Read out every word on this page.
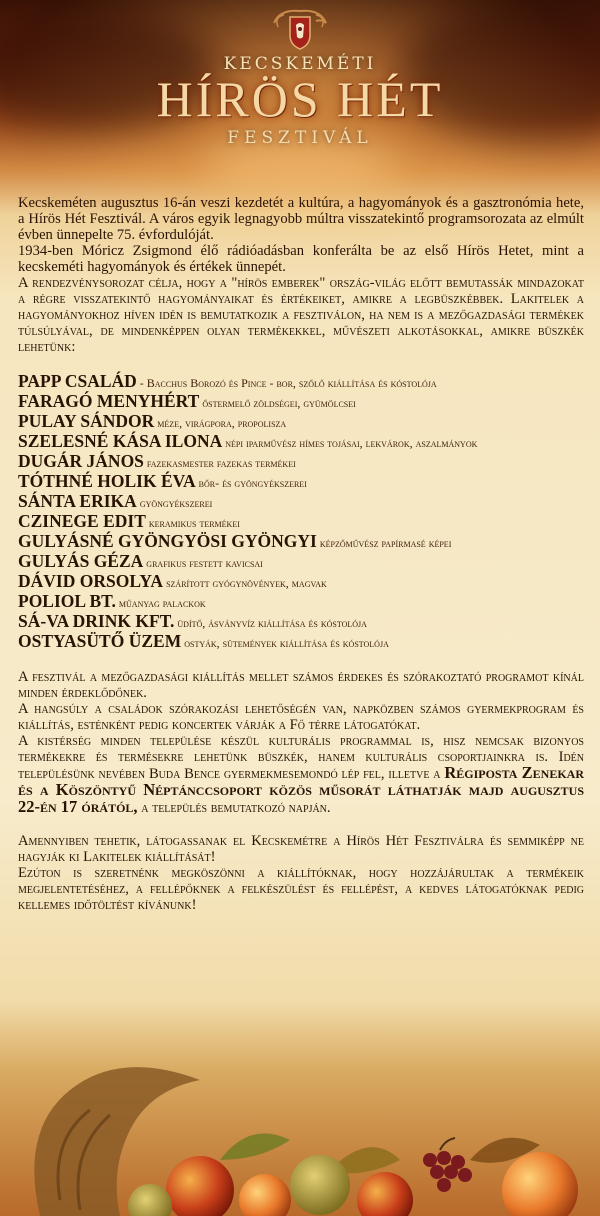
KECSKEMÉTI
HÍRÖS HÉT
FESZTIVÁL

Kecskeméten augusztus 16-án veszi kezdetét a kultúra, a hagyományok és a gasztronómia hete, a Hírös Hét Fesztivál. A város egyik legnagyobb múltra visszatekintő programsorozata az elmúlt évben ünnepelte 75. évfordulóját.

1934-ben Móricz Zsigmond élő rádióadásban konferálta be az első Hírös Hetet, mint a kecskeméti hagyományok és értékek ünnepét.

A rendezvénysorozat célja, hogy a "hírös emberek" ország-világ előtt bemutassák mindazokat a régre visszatekintő hagyományaikat és értékeiket, amikre a legbüszkébbek. Lakitelek a hagyományokhoz híven idén is bemutatkozik a fesztiválon, ha nem is a mezőgazdasági termékek túlsúlyával, de mindenképpen olyan termékekkel, művészeti alkotásokkal, amikre büszkék lehetünk:

PAPP CSALÁD - Bacchus Borozó és Pince - bor, szőlő kiállítása és kóstolója

FARAGÓ MENYHÉRT őstermelő zöldségei, gyümölcsei

PULAY SÁNDOR méze, virágpora, propolisza

SZELESNÉ KÁSA ILONA népi iparművész hímes tojásai, lekvárok, aszalmányok

DUGÁR JÁNOS fazekasmester fazekas termékei

TÓTHNÉ HOLIK ÉVA bőr- és gyöngyékszerei

SÁNTA ERIKA gyöngyékszerei

CZINEGE EDIT keramikus termékei

GULYÁSNÉ GYÖNGYÖSI GYÖNGYI képzőművész papírmasé képei

GULYÁS GÉZA grafikus festett kavicsai

DÁVID ORSOLYA szárított gyógynövények, magvak

POLIOL BT. műanyag palackok

SÁ-VA DRINK KFT. üdítő, ásványvíz kiállítása és kóstolója

OSTYASÜTŐ ÜZEM ostyák, sütemények kiállítása és kóstolója

A fesztivál a mezőgazdasági kiállítás mellet számos érdekes és szórakoztató programot kínál minden érdeklődőnek.

A hangsúly a családok szórakozási lehetőségén van, napközben számos gyermekprogram és kiállítás, esténként pedig koncertek várják a Fő térre látogatókat.

A kistérség minden települése készül kulturális programmal is, hisz nemcsak bizonyos termékekre és termésekre lehetünk büszkék, hanem kulturális csoportjainkra is. Idén településünk nevében Buda Bence gyermekmesemondó lép fel, illetve a Régiposta Zenekar és a Köszöntyű Néptánccsoport közös műsorát láthatják majd augusztus 22-én 17 órától, a település bemutatkozó napján.

Amennyiben tehetik, látogassanak el Kecskemétre a Hírös Hét Fesztiválra és semmiképp ne hagyják ki Lakitelek kiállítását!

Ezúton is szeretnénk megköszönni a kiállítóknak, hogy hozzájárultak a termékeik megjelentetéséhez, a fellépőknek a felkészülést és fellépést, a kedves látogatóknak pedig kellemes időtöltést kívánunk!
